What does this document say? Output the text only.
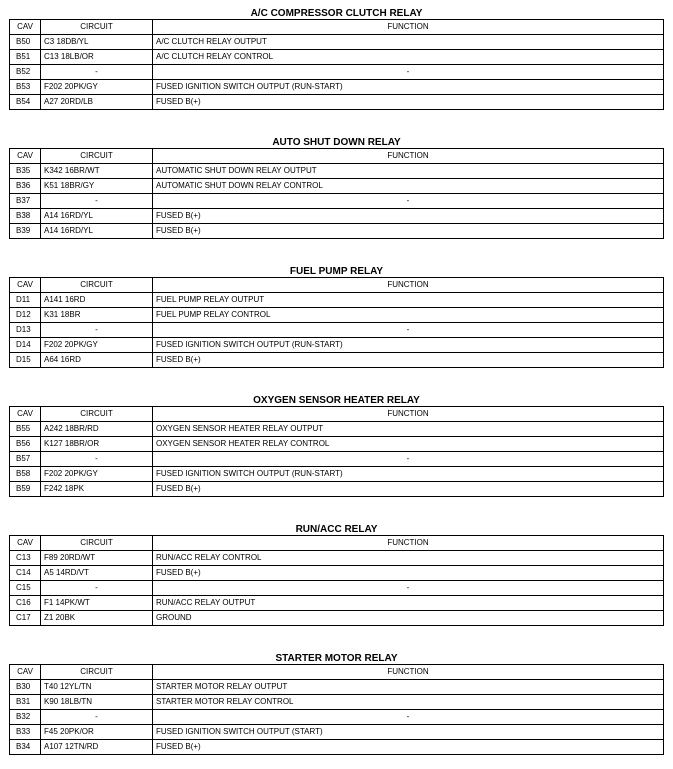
A/C COMPRESSOR CLUTCH RELAY
CAV	CIRCUIT	FUNCTION
B50	C3 18DB/YL	A/C CLUTCH RELAY OUTPUT
B51	C13 18LB/OR	A/C CLUTCH RELAY CONTROL
B52	-	-
B53	F202 20PK/GY	FUSED IGNITION SWITCH OUTPUT (RUN-START)
B54	A27 20RD/LB	FUSED B(+)
AUTO SHUT DOWN RELAY
CAV	CIRCUIT	FUNCTION
B35	K342 16BR/WT	AUTOMATIC SHUT DOWN RELAY OUTPUT
B36	K51 18BR/GY	AUTOMATIC SHUT DOWN RELAY CONTROL
B37	-	-
B38	A14 16RD/YL	FUSED B(+)
B39	A14 16RD/YL	FUSED B(+)
FUEL PUMP RELAY
CAV	CIRCUIT	FUNCTION
D11	A141 16RD	FUEL PUMP RELAY OUTPUT
D12	K31 18BR	FUEL PUMP RELAY CONTROL
D13	-	-
D14	F202 20PK/GY	FUSED IGNITION SWITCH OUTPUT (RUN-START)
D15	A64 16RD	FUSED B(+)
OXYGEN SENSOR HEATER RELAY
CAV	CIRCUIT	FUNCTION
B55	A242 18BR/RD	OXYGEN SENSOR HEATER RELAY OUTPUT
B56	K127 18BR/OR	OXYGEN SENSOR HEATER RELAY CONTROL
B57	-	-
B58	F202 20PK/GY	FUSED IGNITION SWITCH OUTPUT (RUN-START)
B59	F242 18PK	FUSED B(+)
RUN/ACC RELAY
CAV	CIRCUIT	FUNCTION
C13	F89 20RD/WT	RUN/ACC RELAY CONTROL
C14	A5 14RD/VT	FUSED B(+)
C15	-	-
C16	F1 14PK/WT	RUN/ACC RELAY OUTPUT
C17	Z1 20BK	GROUND
STARTER MOTOR RELAY
CAV	CIRCUIT	FUNCTION
B30	T40 12YL/TN	STARTER MOTOR RELAY OUTPUT
B31	K90 18LB/TN	STARTER MOTOR RELAY CONTROL
B32	-	-
B33	F45 20PK/OR	FUSED IGNITION SWITCH OUTPUT (START)
B34	A107 12TN/RD	FUSED B(+)
